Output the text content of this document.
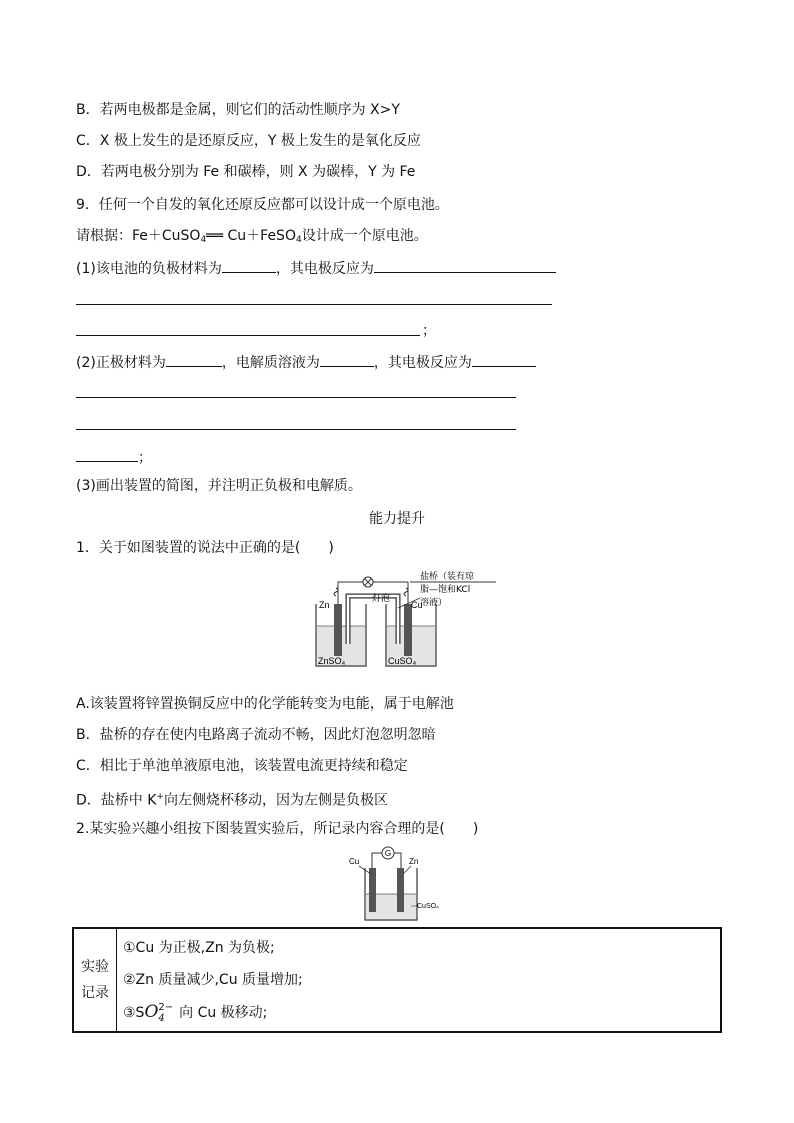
B．若两电极都是金属，则它们的活动性顺序为 X>Y
C．X 极上发生的是还原反应，Y 极上发生的是氧化反应
D．若两电极分别为 Fe 和碳棒，则 X 为碳棒，Y 为 Fe
9．任何一个自发的氧化还原反应都可以设计成一个原电池。
请根据：Fe＋CuSO$_4$══ Cu＋FeSO$_4$设计成一个原电池。
(1)该电池的负极材料为	，其电极反应为
；
(2)正极材料为	，电解质溶液为	，其电极反应为
；
(3)画出装置的简图，并注明正负极和电解质。
能力提升
1．关于如图装置的说法中正确的是(　　)
灯泡
Zn	Cu
盐桥（装有琼
脂—饱和KCl
溶液）
ZnSO₄	CuSO₄
A.该装置将锌置换铜反应中的化学能转变为电能，属于电解池
B．盐桥的存在使内电路离子流动不畅，因此灯泡忽明忽暗
C．相比于单池单液原电池，该装置电流更持续和稳定
D．盐桥中 K+向左侧烧杯移动，因为左侧是负极区
2.某实验兴趣小组按下图装置实验后，所记录内容合理的是(　　)
G
Cu	Zn
CuSO₄
实验
记录

①Cu 为正极,Zn 为负极;
②Zn 质量减少,Cu 质量增加;
③SO 2−
4	向 Cu 极移动;
